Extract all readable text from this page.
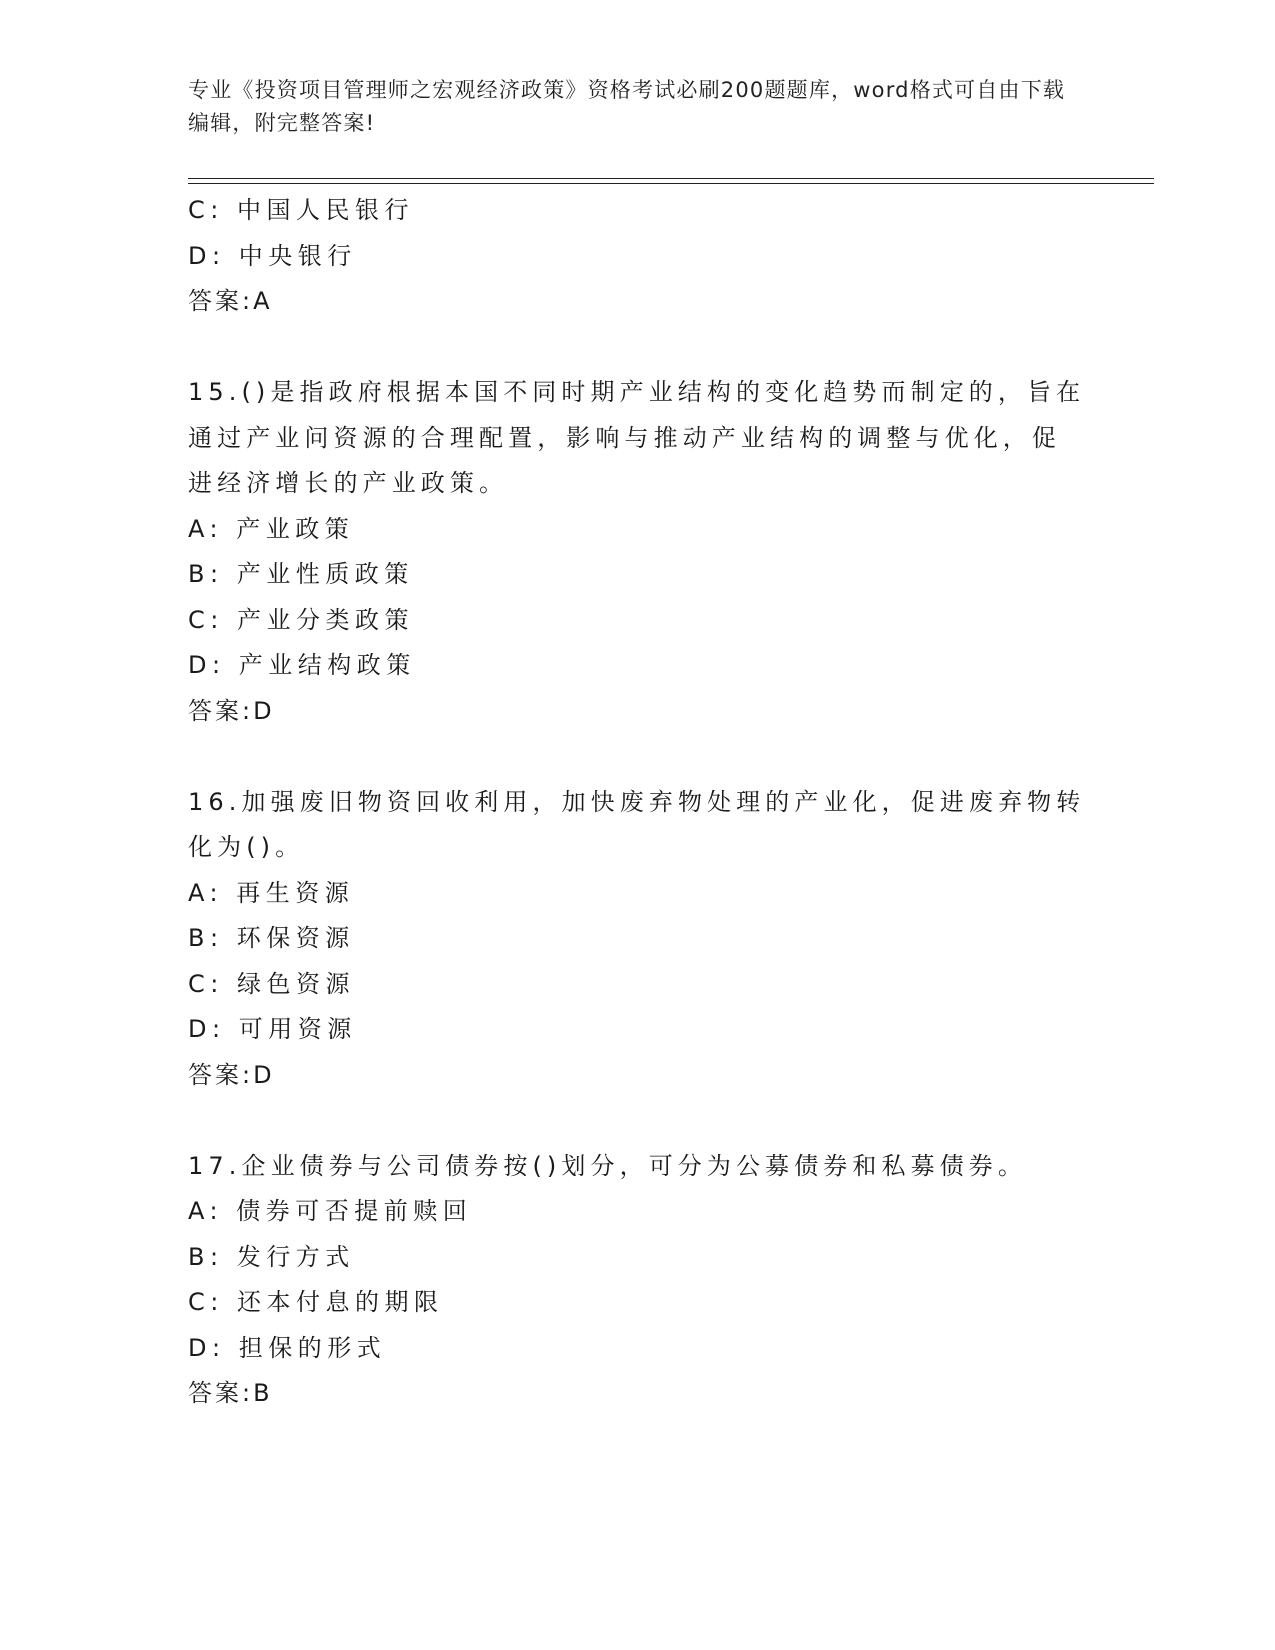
专业《投资项目管理师之宏观经济政策》资格考试必刷200题题库，word格式可自由下载编辑，附完整答案!
C: 中国人民银行
D: 中央银行
答案:A
15.()是指政府根据本国不同时期产业结构的变化趋势而制定的，旨在
通过产业问资源的合理配置，影响与推动产业结构的调整与优化，促
进经济增长的产业政策。
A: 产业政策
B: 产业性质政策
C: 产业分类政策
D: 产业结构政策
答案:D
16.加强废旧物资回收利用，加快废弃物处理的产业化，促进废弃物转
化为()。
A: 再生资源
B: 环保资源
C: 绿色资源
D: 可用资源
答案:D
17.企业债券与公司债券按()划分，可分为公募债券和私募债券。
A: 债券可否提前赎回
B: 发行方式
C: 还本付息的期限
D: 担保的形式
答案:B
